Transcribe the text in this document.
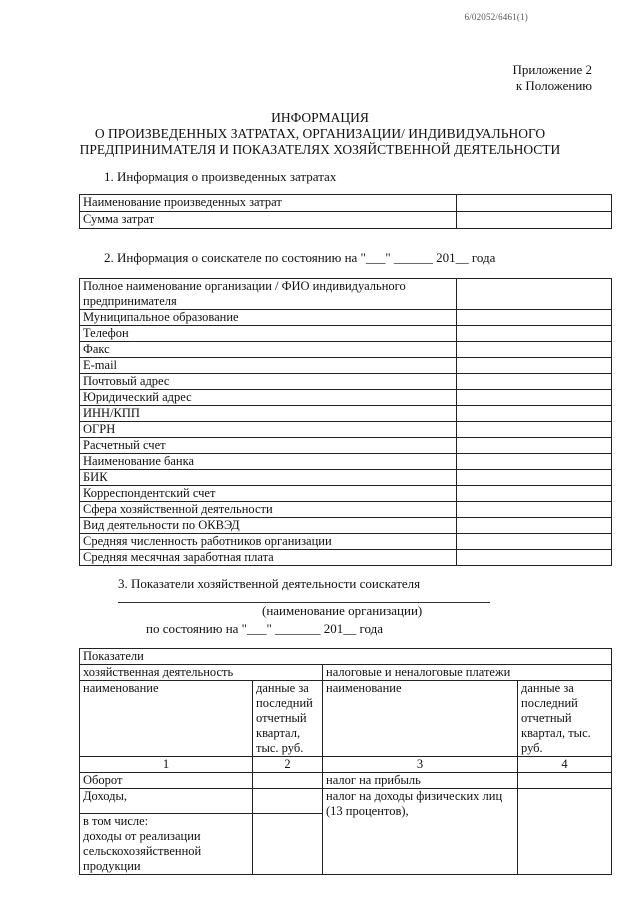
6/02052/6461(1)
Приложение 2
к Положению
ИНФОРМАЦИЯ
О ПРОИЗВЕДЕННЫХ ЗАТРАТАХ, ОРГАНИЗАЦИИ/ ИНДИВИДУАЛЬНОГО
ПРЕДПРИНИМАТЕЛЯ И ПОКАЗАТЕЛЯХ ХОЗЯЙСТВЕННОЙ ДЕЯТЕЛЬНОСТИ
1. Информация о произведенных затратах
Наименование произведенных затрат	
Сумма затрат	
2. Информация о соискателе по состоянию на "___" ______ 201__ года
Полное наименование организации / ФИО индивидуального предпринимателя	
Муниципальное образование	
Телефон	
Факс	
E-mail	
Почтовый адрес	
Юридический адрес	
ИНН/КПП	
ОГРН	
Расчетный счет	
Наименование банка	
БИК	
Корреспондентский счет	
Сфера хозяйственной деятельности	
Вид деятельности по ОКВЭД	
Средняя численность работников организации	
Средняя месячная заработная плата	
3. Показатели хозяйственной деятельности соискателя
(наименование организации)
по состоянию на "___" _______ 201__ года
Показатели			
хозяйственная деятельность		налоговые и неналоговые платежи	
наименование	данные за последний отчетный квартал, тыс. руб.	наименование	данные за последний отчетный квартал, тыс. руб.
1	2	3	4
Оборот		налог на прибыль	
Доходы,		налог на доходы физических лиц (13 процентов),	

в том числе:
доходы от реализации сельскохозяйственной продукции			
